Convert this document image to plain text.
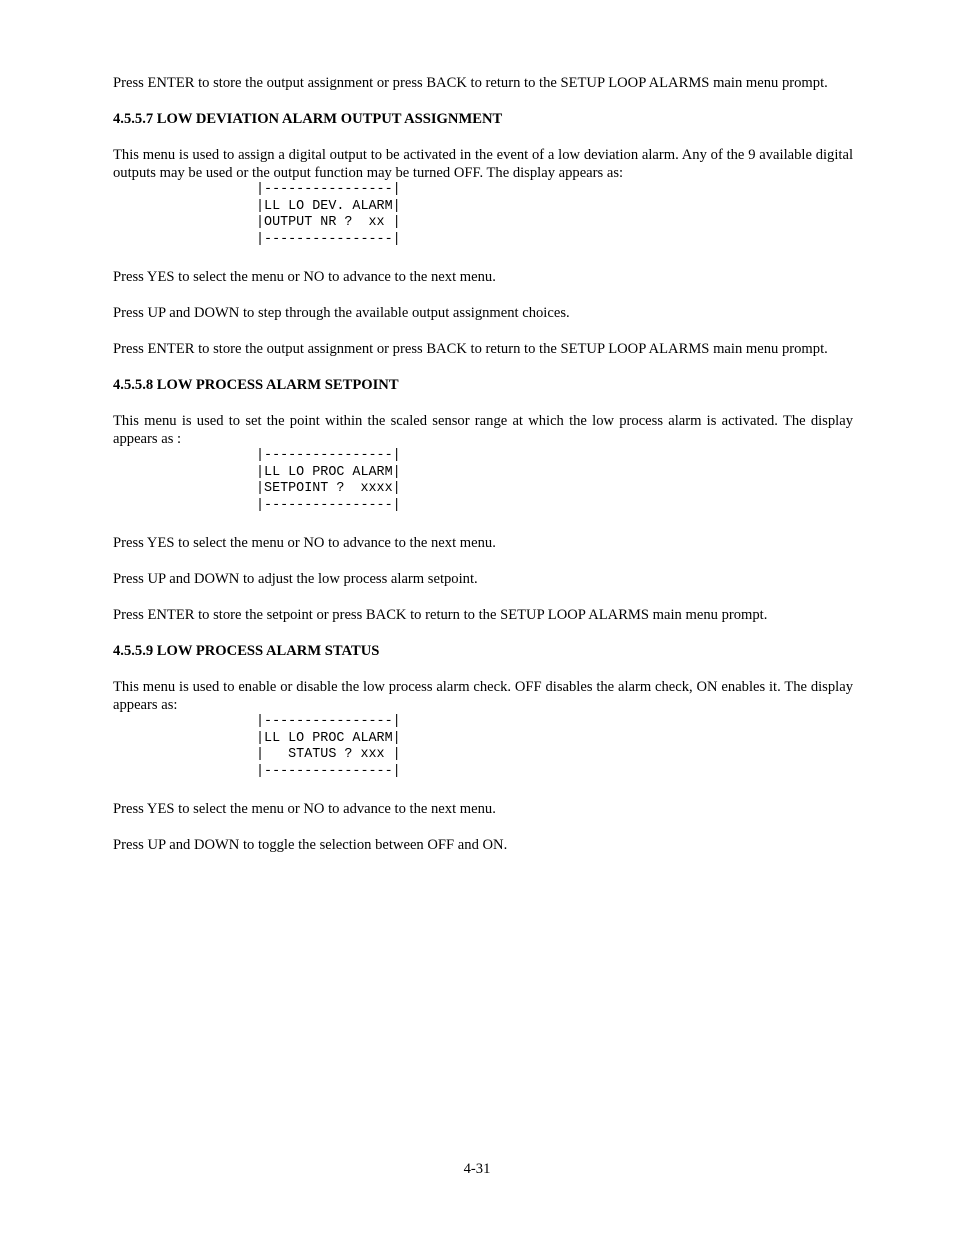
Press ENTER to store the output assignment or press BACK to return to the SETUP LOOP ALARMS main menu prompt.

4.5.5.7 LOW DEVIATION ALARM OUTPUT ASSIGNMENT

This menu is used to assign a digital output to be activated in the event of a low deviation alarm. Any of the 9 available digital outputs may be used or the output function may be turned OFF. The display appears as:

|----------------|
|LL LO DEV. ALARM|
|OUTPUT NR ?  xx |
|----------------|

Press YES to select the menu or NO to advance to the next menu.

Press UP and DOWN to step through the available output assignment choices.

Press ENTER to store the output assignment or press BACK to return to the SETUP LOOP ALARMS main menu prompt.

4.5.5.8 LOW PROCESS ALARM SETPOINT

This menu is used to set the point within the scaled sensor range at which the low process alarm is activated. The display appears as :

|----------------|
|LL LO PROC ALARM|
|SETPOINT ?  xxxx|
|----------------|

Press YES to select the menu or NO to advance to the next menu.

Press UP and DOWN to adjust the low process alarm setpoint.

Press ENTER to store the setpoint or press BACK to return to the SETUP LOOP ALARMS main menu prompt.

4.5.5.9 LOW PROCESS ALARM STATUS

This menu is used to enable or disable the low process alarm check. OFF disables the alarm check, ON enables it. The display appears as:

|----------------|
|LL LO PROC ALARM|
|   STATUS ? xxx |
|----------------|

Press YES to select the menu or NO to advance to the next menu.

Press UP and DOWN to toggle the selection between OFF and ON.

4-31
